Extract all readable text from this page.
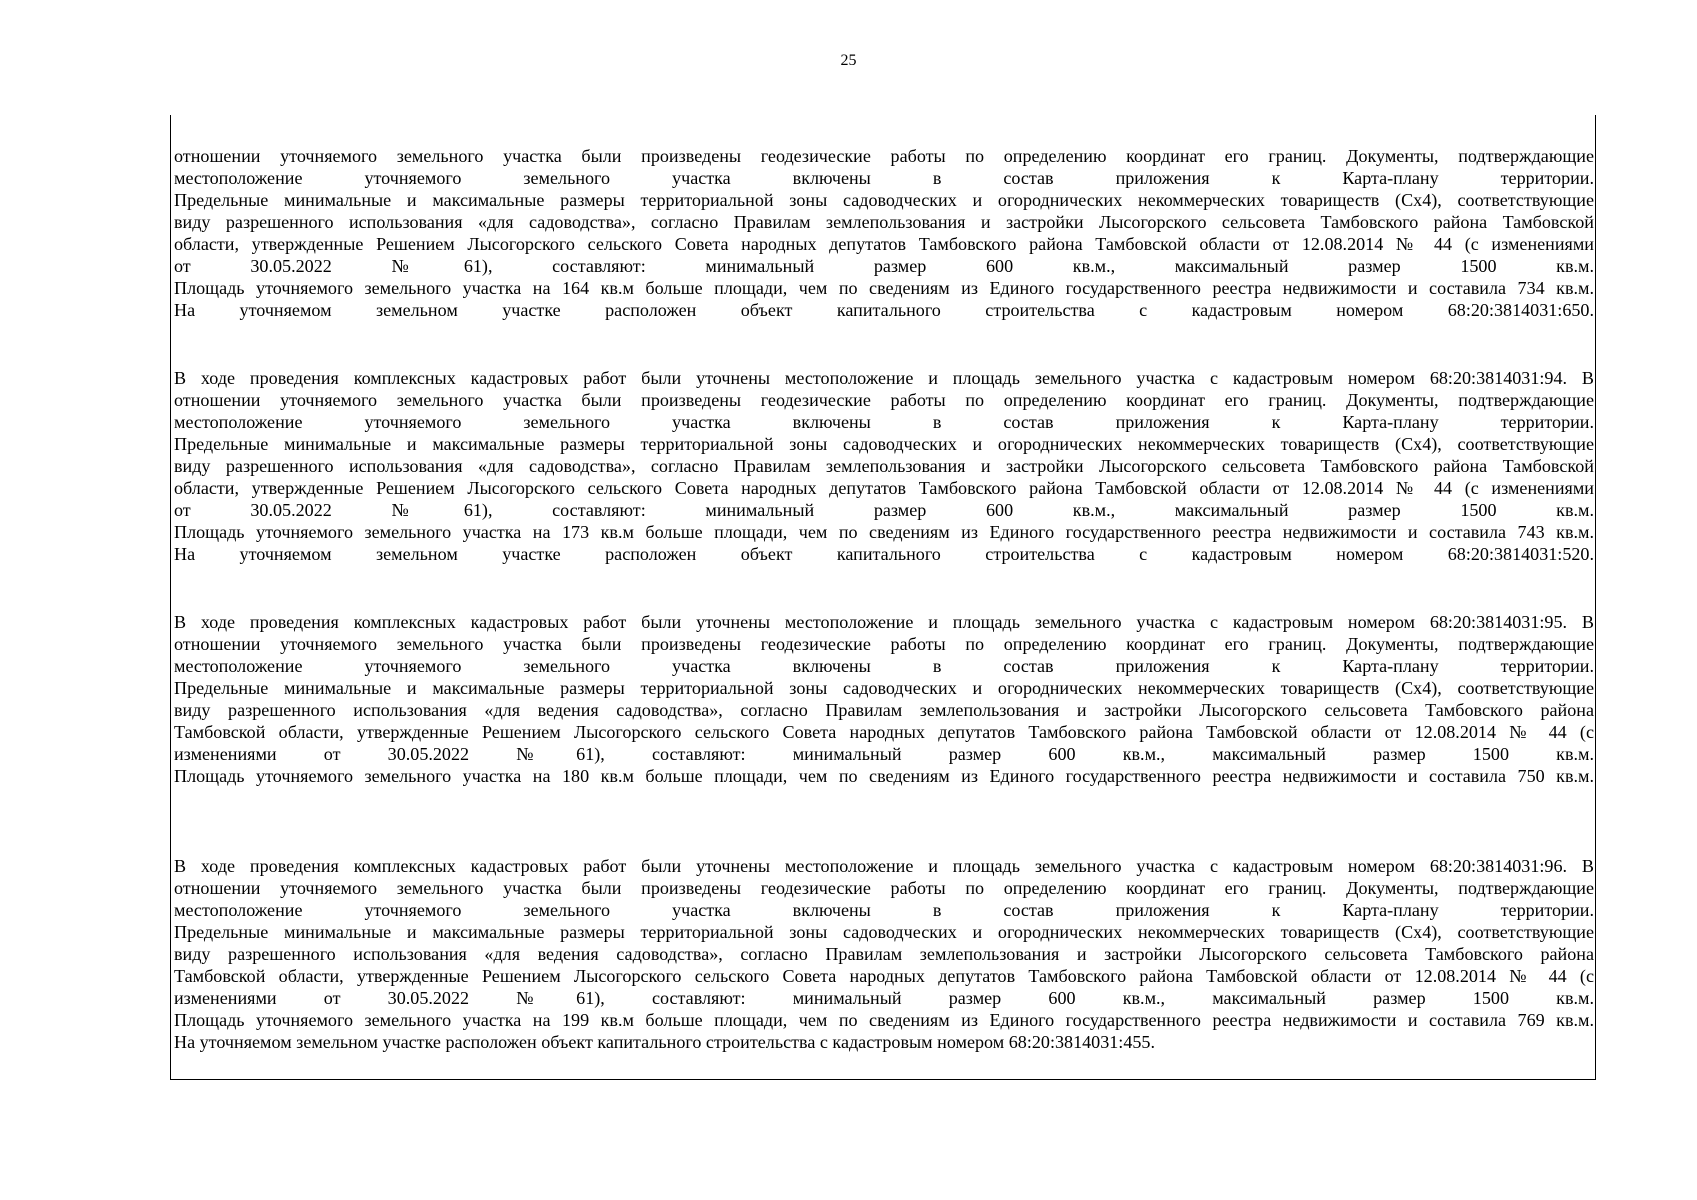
25
отношении уточняемого земельного участка были произведены геодезические работы по определению координат его границ. Документы, подтверждающие
местоположение уточняемого земельного участка включены в состав приложения к Карта-плану территории.
Предельные минимальные и максимальные размеры территориальной зоны садоводческих и огороднических некоммерческих товариществ (Сх4), соответствующие
виду разрешенного использования «для садоводства», согласно Правилам землепользования и застройки Лысогорского сельсовета Тамбовского района Тамбовской
области, утвержденные Решением Лысогорского сельского Совета народных депутатов Тамбовского района Тамбовской области от 12.08.2014 № 44 (с изменениями
от 30.05.2022 №61), составляют: минимальный размер 600 кв.м., максимальный размер 1500 кв.м.
Площадь уточняемого земельного участка на 164 кв.м больше площади, чем по сведениям из Единого государственного реестра недвижимости и составила 734 кв.м.
На уточняемом земельном участке расположен объект капитального строительства с кадастровым номером 68:20:3814031:650.
В ходе проведения комплексных кадастровых работ были уточнены местоположение и площадь земельного участка с кадастровым номером 68:20:3814031:94. В
отношении уточняемого земельного участка были произведены геодезические работы по определению координат его границ. Документы, подтверждающие
местоположение уточняемого земельного участка включены в состав приложения к Карта-плану территории.
Предельные минимальные и максимальные размеры территориальной зоны садоводческих и огороднических некоммерческих товариществ (Сх4), соответствующие
виду разрешенного использования «для садоводства», согласно Правилам землепользования и застройки Лысогорского сельсовета Тамбовского района Тамбовской
области, утвержденные Решением Лысогорского сельского Совета народных депутатов Тамбовского района Тамбовской области от 12.08.2014 № 44 (с изменениями
от 30.05.2022 №61), составляют: минимальный размер 600 кв.м., максимальный размер 1500 кв.м.
Площадь уточняемого земельного участка на 173 кв.м больше площади, чем по сведениям из Единого государственного реестра недвижимости и составила 743 кв.м.
На уточняемом земельном участке расположен объект капитального строительства с кадастровым номером 68:20:3814031:520.
В ходе проведения комплексных кадастровых работ были уточнены местоположение и площадь земельного участка с кадастровым номером 68:20:3814031:95. В
отношении уточняемого земельного участка были произведены геодезические работы по определению координат его границ. Документы, подтверждающие
местоположение уточняемого земельного участка включены в состав приложения к Карта-плану территории.
Предельные минимальные и максимальные размеры территориальной зоны садоводческих и огороднических некоммерческих товариществ (Сх4), соответствующие
виду разрешенного использования «для ведения садоводства», согласно Правилам землепользования и застройки Лысогорского сельсовета Тамбовского района
Тамбовской области, утвержденные Решением Лысогорского сельского Совета народных депутатов Тамбовского района Тамбовской области от 12.08.2014 № 44 (с
изменениями от 30.05.2022 №61), составляют: минимальный размер 600 кв.м., максимальный размер 1500 кв.м.
Площадь уточняемого земельного участка на 180 кв.м больше площади, чем по сведениям из Единого государственного реестра недвижимости и составила 750 кв.м.
В ходе проведения комплексных кадастровых работ были уточнены местоположение и площадь земельного участка с кадастровым номером 68:20:3814031:96. В
отношении уточняемого земельного участка были произведены геодезические работы по определению координат его границ. Документы, подтверждающие
местоположение уточняемого земельного участка включены в состав приложения к Карта-плану территории.
Предельные минимальные и максимальные размеры территориальной зоны садоводческих и огороднических некоммерческих товариществ (Сх4), соответствующие
виду разрешенного использования «для ведения садоводства», согласно Правилам землепользования и застройки Лысогорского сельсовета Тамбовского района
Тамбовской области, утвержденные Решением Лысогорского сельского Совета народных депутатов Тамбовского района Тамбовской области от 12.08.2014 № 44 (с
изменениями от 30.05.2022 №61), составляют: минимальный размер 600 кв.м., максимальный размер 1500 кв.м.
Площадь уточняемого земельного участка на 199 кв.м больше площади, чем по сведениям из Единого государственного реестра недвижимости и составила 769 кв.м.
На уточняемом земельном участке расположен объект капитального строительства с кадастровым номером 68:20:3814031:455.
